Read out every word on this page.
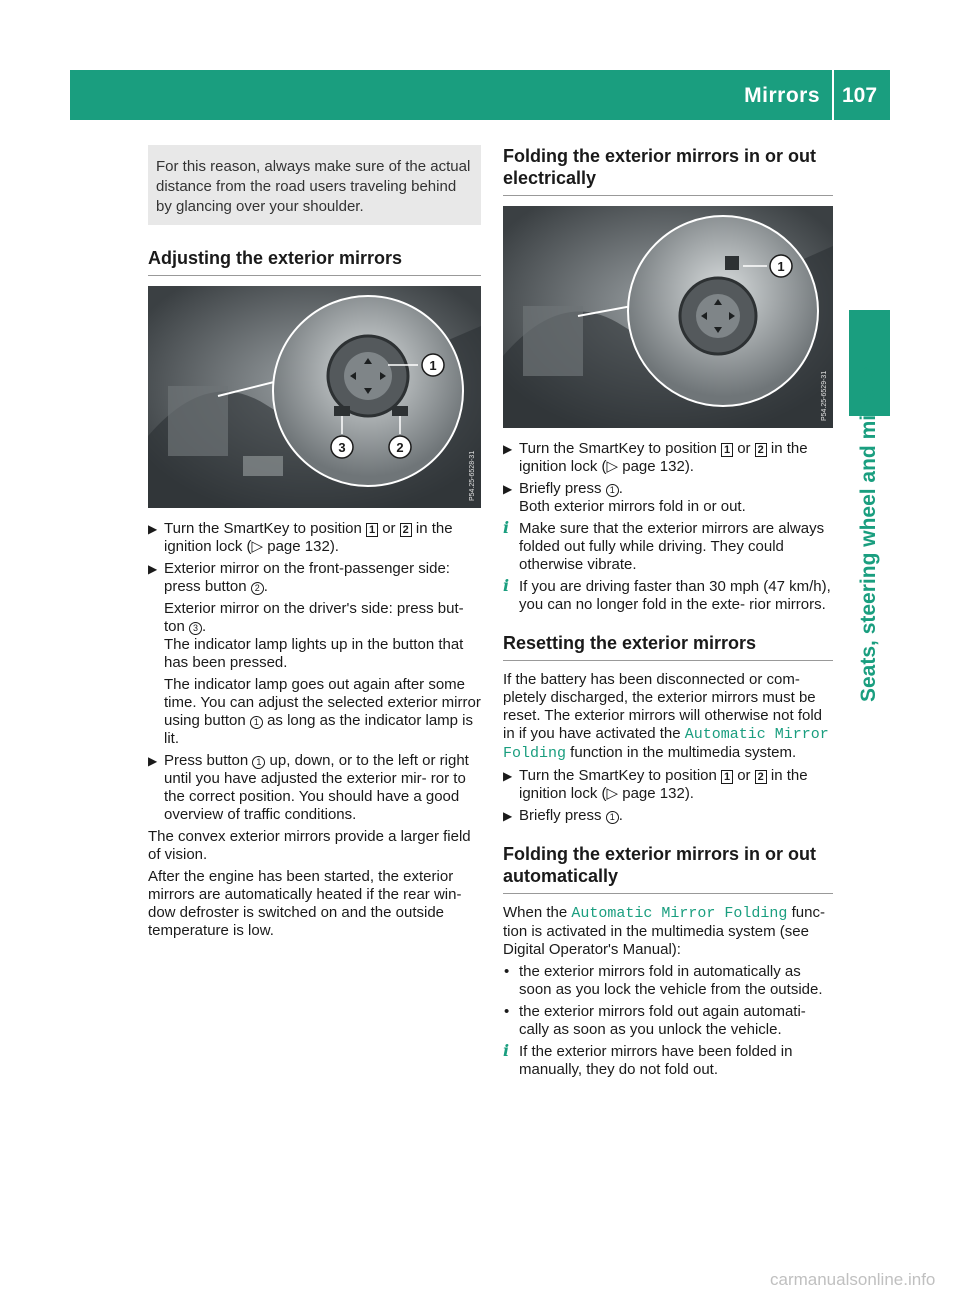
Mirrors 107
Seats, steering wheel and mirrors
For this reason, always make sure of the actual distance from the road users traveling behind by glancing over your shoulder.
Adjusting the exterior mirrors
1
3	2
P54.25-6528-31
▶ Turn the SmartKey to position 1 or 2 in the ignition lock (▷ page 132).

▶ Exterior mirror on the front-passenger side: press button 2 .

Exterior mirror on the driver's side: press but- ton 3 .

The indicator lamp lights up in the button that has been pressed.

The indicator lamp goes out again after some time. You can adjust the selected exterior mirror using button 1 as long as the indicator lamp is lit.

▶ Press button 1 up, down, or to the left or right until you have adjusted the exterior mir- ror to the correct position. You should have a good overview of traffic conditions.

The convex exterior mirrors provide a larger field of vision.

After the engine has been started, the exterior mirrors are automatically heated if the rear win- dow defroster is switched on and the outside temperature is low.

Folding the exterior mirrors in or out electrically
1
P54.25-6529-31
▶ Turn the SmartKey to position 1 or 2 in the ignition lock (▷ page 132).

▶ Briefly press 1 .

Both exterior mirrors fold in or out.

i Make sure that the exterior mirrors are always folded out fully while driving. They could otherwise vibrate.

i If you are driving faster than 30 mph (47 km/h), you can no longer fold in the exte- rior mirrors.

Resetting the exterior mirrors

If the battery has been disconnected or com- pletely discharged, the exterior mirrors must be reset. The exterior mirrors will otherwise not fold in if you have activated the Automatic Mirror Folding function in the multimedia system.

▶ Turn the SmartKey to position 1 or 2 in the ignition lock (▷ page 132).

▶ Briefly press 1 .

Folding the exterior mirrors in or out automatically

When the Automatic Mirror Folding func- tion is activated in the multimedia system (see Digital Operator's Manual):

• the exterior mirrors fold in automatically as soon as you lock the vehicle from the outside.

• the exterior mirrors fold out again automati- cally as soon as you unlock the vehicle.

i If the exterior mirrors have been folded in manually, they do not fold out.

carmanualsonline.info
